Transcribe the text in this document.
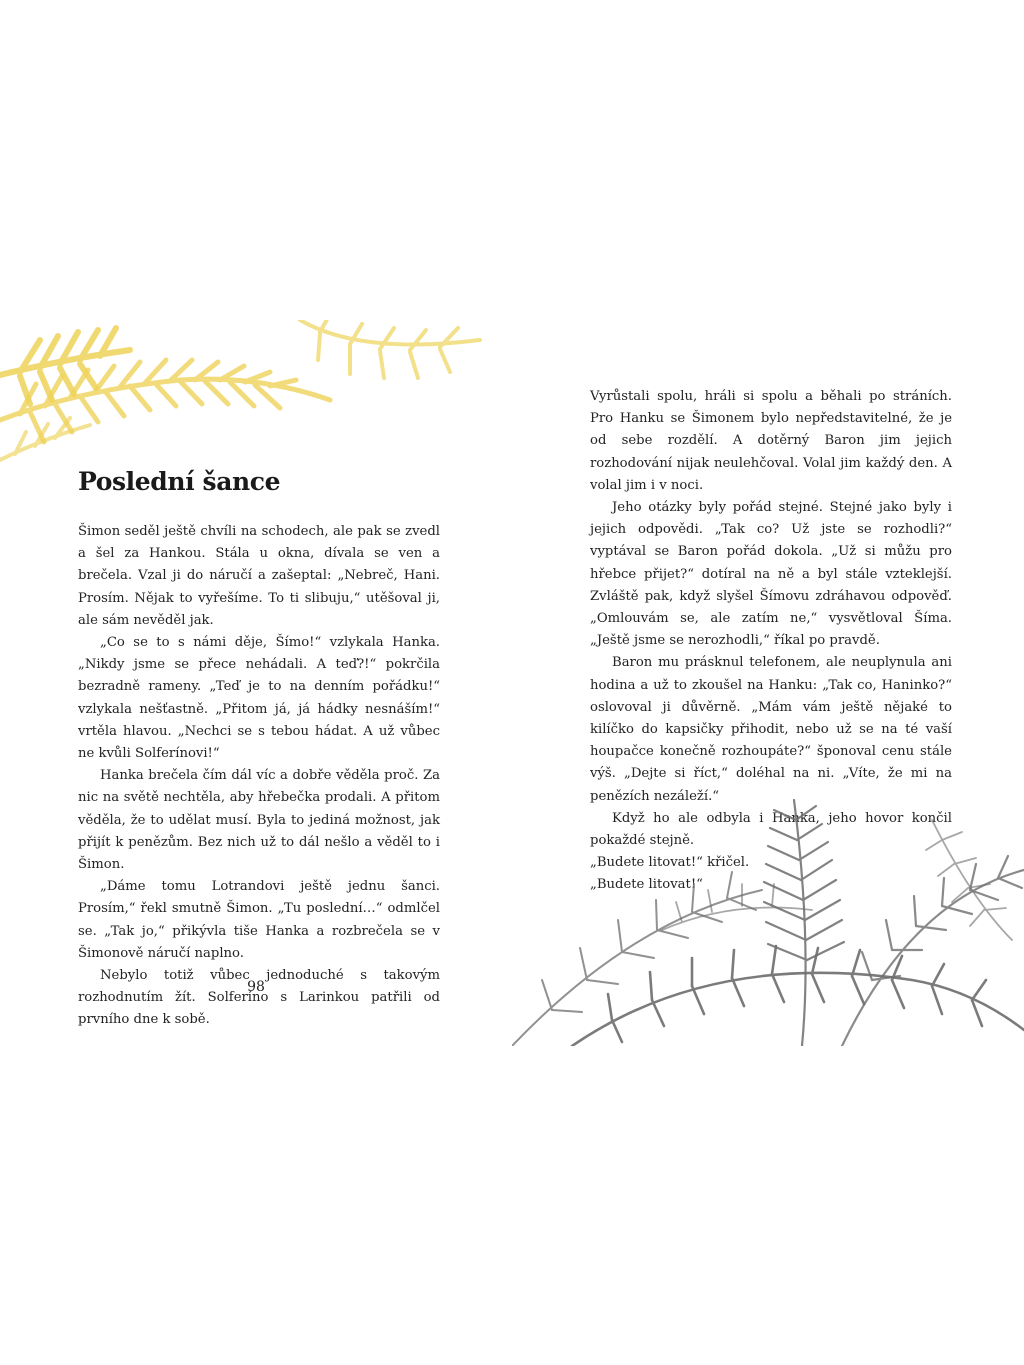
Poslední šance

Šimon seděl ještě chvíli na schodech, ale pak se zvedl a šel za Hankou. Stála u okna, dívala se ven a brečela. Vzal ji do náručí a zašeptal: „Nebreč, Hani. Prosím. Nějak to vyřešíme. To ti slibuju,“ utěšoval ji, ale sám nevěděl jak.

„Co se to s námi děje, Šímo!“ vzlykala Hanka. „Nikdy jsme se přece nehádali. A teď?!“ pokrčila bezradně rameny. „Teď je to na denním pořádku!“ vzlykala nešťastně. „Přitom já, já hádky nesnáším!“ vrtěla hlavou. „Nechci se s tebou hádat. A už vůbec ne kvůli Solferínovi!“

Hanka brečela čím dál víc a dobře věděla proč. Za nic na světě nechtěla, aby hřebečka prodali. A přitom věděla, že to udělat musí. Byla to jediná možnost, jak přijít k penězům. Bez nich už to dál nešlo a věděl to i Šimon.

„Dáme tomu Lotrandovi ještě jednu šanci. Prosím,“ řekl smutně Šimon. „Tu poslední…“ odmlčel se. „Tak jo,“ přikývla tiše Hanka a rozbrečela se v Šimonově náručí naplno.

Nebylo totiž vůbec jednoduché s takovým rozhodnutím žít. Solferíno s Larinkou patřili od prvního dne k sobě.

98

Vyrůstali spolu, hráli si spolu a běhali po stráních. Pro Hanku se Šimonem bylo nepředstavitelné, že je od sebe rozdělí. A dotěrný Baron jim jejich rozhodování nijak neulehčoval. Volal jim každý den. A volal jim i v noci.

Jeho otázky byly pořád stejné. Stejné jako byly i jejich odpovědi. „Tak co? Už jste se rozhodli?“ vyptával se Baron pořád dokola. „Už si můžu pro hřebce přijet?“ dotíral na ně a byl stále vzteklejší. Zvláště pak, když slyšel Šímovu zdráhavou odpověď. „Omlouvám se, ale zatím ne,“ vysvětloval Šíma. „Ještě jsme se nerozhodli,“ říkal po pravdě.

Baron mu prásknul telefonem, ale neuplynula ani hodina a už to zkoušel na Hanku: „Tak co, Haninko?“ oslovoval ji důvěrně. „Mám vám ještě nějaké to kilíčko do kapsičky přihodit, nebo už se na té vaší houpačce konečně rozhoupáte?“ šponoval cenu stále výš. „Dejte si říct,“ doléhal na ni. „Víte, že mi na penězích nezáleží.“

Když ho ale odbyla i Hanka, jeho hovor končil pokaždé stejně.

„Budete litovat!“ křičel.

„Budete litovat!“
